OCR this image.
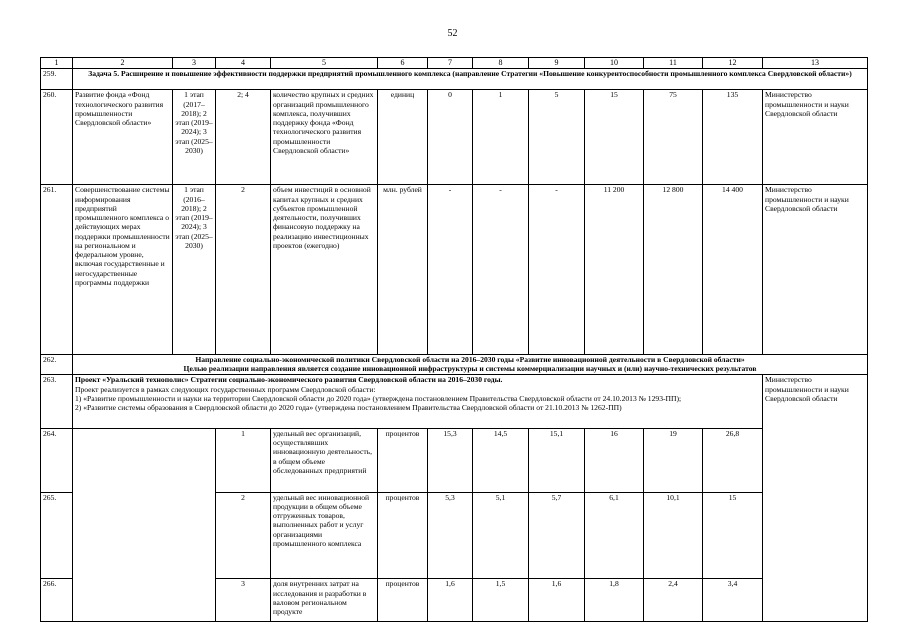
52
1	2	3	4	5	6	7	8	9	10	11	12	13
259.	Задача 5. Расширение и повышение эффективности поддержки предприятий промышленного комплекса (направление Стратегии «Повышение конкурентоспособности промышленного комплекса Свердловской области»)											
260.	Развитие фонда «Фонд технологического развития промышленности Свердловской области»	1 этап (2017–2018); 2 этап (2019–2024); 3 этап (2025–2030)	2; 4	количество крупных и средних организаций промышленного комплекса, получивших поддержку фонда «Фонд технологического развития промышленности Свердловской области»	единиц	0	1	5	15	75	135	Министерство промышленности и науки Свердловской области
261.	Совершенствование системы информирования предприятий промышленного комплекса о действующих мерах поддержки промышленности на региональном и федеральном уровне, включая государственные и негосударственные программы поддержки	1 этап (2016–2018); 2 этап (2019–2024); 3 этап (2025–2030)	2	объем инвестиций в основной капитал крупных и средних субъектов промышленной деятельности, получивших финансовую поддержку на реализацию инвестиционных проектов (ежегодно)	млн. рублей	-	-	-	11 200	12 800	14 400	Министерство промышленности и науки Свердловской области
262.	Направление социально-экономической политики Свердловской области на 2016–2030 годы «Развитие инновационной деятельности в Свердловской области»
Целью реализации направления является создание инновационной инфраструктуры и системы коммерциализации научных и (или) научно-технических результатов											

263.	Проект «Уральский технополис» Стратегии социально-экономического развития Свердловской области на 2016–2030 годы.
Проект реализуется в рамках следующих государственных программ Свердловской области:
1) «Развитие промышленности и науки на территории Свердловской области до 2020 года» (утверждена постановлением Правительства Свердловской области от 24.10.2013 № 1293-ПП);
2) «Развитие системы образования в Свердловской области до 2020 года» (утверждена постановлением Правительства Свердловской области от 21.10.2013 № 1262-ПП)											Министерство промышленности и науки Свердловской области
264.			1	удельный вес организаций, осуществлявших инновационную деятельность, в общем объеме обследованных предприятий	процентов	15,3	14,5	15,1	16	19	26,8	
265.			2	удельный вес инновационной продукции в общем объеме отгруженных товаров, выполненных работ и услуг организациями промышленного комплекса	процентов	5,3	5,1	5,7	6,1	10,1	15	
266.			3	доля внутренних затрат на исследования и разработки в валовом региональном продукте	процентов	1,6	1,5	1,6	1,8	2,4	3,4	
